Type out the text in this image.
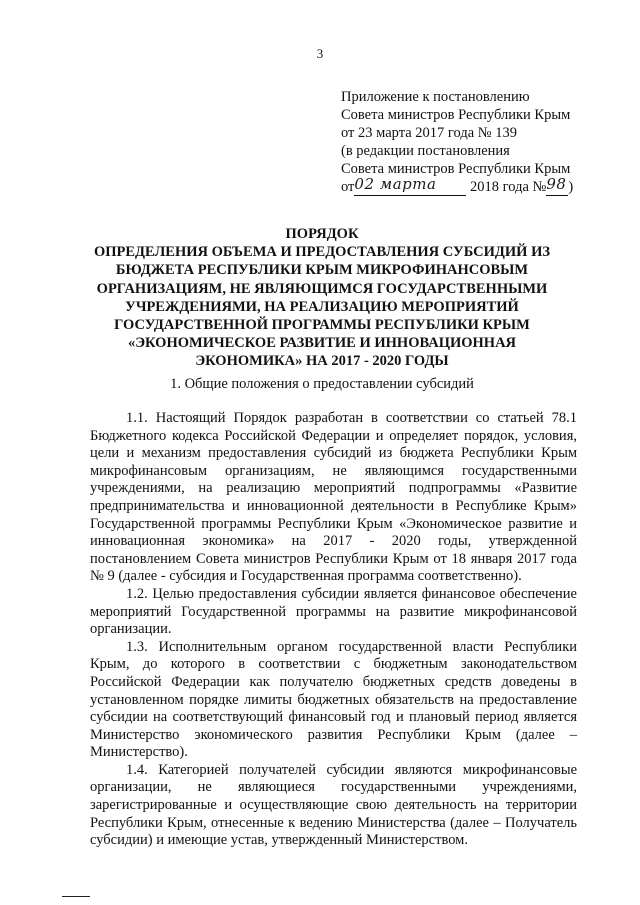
3
Приложение к постановлению
Совета министров Республики Крым
от 23 марта 2017 года № 139
(в редакции постановления
Совета министров Республики Крым
от02 марта 2018 года №98 )
ПОРЯДОК
ОПРЕДЕЛЕНИЯ ОБЪЕМА И ПРЕДОСТАВЛЕНИЯ СУБСИДИЙ ИЗ
БЮДЖЕТА РЕСПУБЛИКИ КРЫМ МИКРОФИНАНСОВЫМ
ОРГАНИЗАЦИЯМ, НЕ ЯВЛЯЮЩИМСЯ ГОСУДАРСТВЕННЫМИ
УЧРЕЖДЕНИЯМИ, НА РЕАЛИЗАЦИЮ МЕРОПРИЯТИЙ
ГОСУДАРСТВЕННОЙ ПРОГРАММЫ РЕСПУБЛИКИ КРЫМ
«ЭКОНОМИЧЕСКОЕ РАЗВИТИЕ И ИННОВАЦИОННАЯ
ЭКОНОМИКА» НА 2017 - 2020 ГОДЫ
1. Общие положения о предоставлении субсидий

1.1. Настоящий Порядок разработан в соответствии со статьей 78.1 Бюджетного кодекса Российской Федерации и определяет порядок, условия, цели и механизм предоставления субсидий из бюджета Республики Крым микрофинансовым организациям, не являющимся государственными учреждениями, на реализацию мероприятий подпрограммы «Развитие предпринимательства и инновационной деятельности в Республике Крым» Государственной программы Республики Крым «Экономическое развитие и инновационная экономика» на 2017 - 2020 годы, утвержденной постановлением Совета министров Республики Крым от 18 января 2017 года № 9 (далее - субсидия и Государственная программа соответственно).

1.2. Целью предоставления субсидии является финансовое обеспечение мероприятий Государственной программы на развитие микрофинансовой организации.

1.3. Исполнительным органом государственной власти Республики Крым, до которого в соответствии с бюджетным законодательством Российской Федерации как получателю бюджетных средств доведены в установленном порядке лимиты бюджетных обязательств на предоставление субсидии на соответствующий финансовый год и плановый период является Министерство экономического развития Республики Крым (далее – Министерство).

1.4. Категорией получателей субсидии являются микрофинансовые организации, не являющиеся государственными учреждениями, зарегистрированные и осуществляющие свою деятельность на территории Республики Крым, отнесенные к ведению Министерства (далее – Получатель субсидии) и имеющие устав, утвержденный Министерством.
